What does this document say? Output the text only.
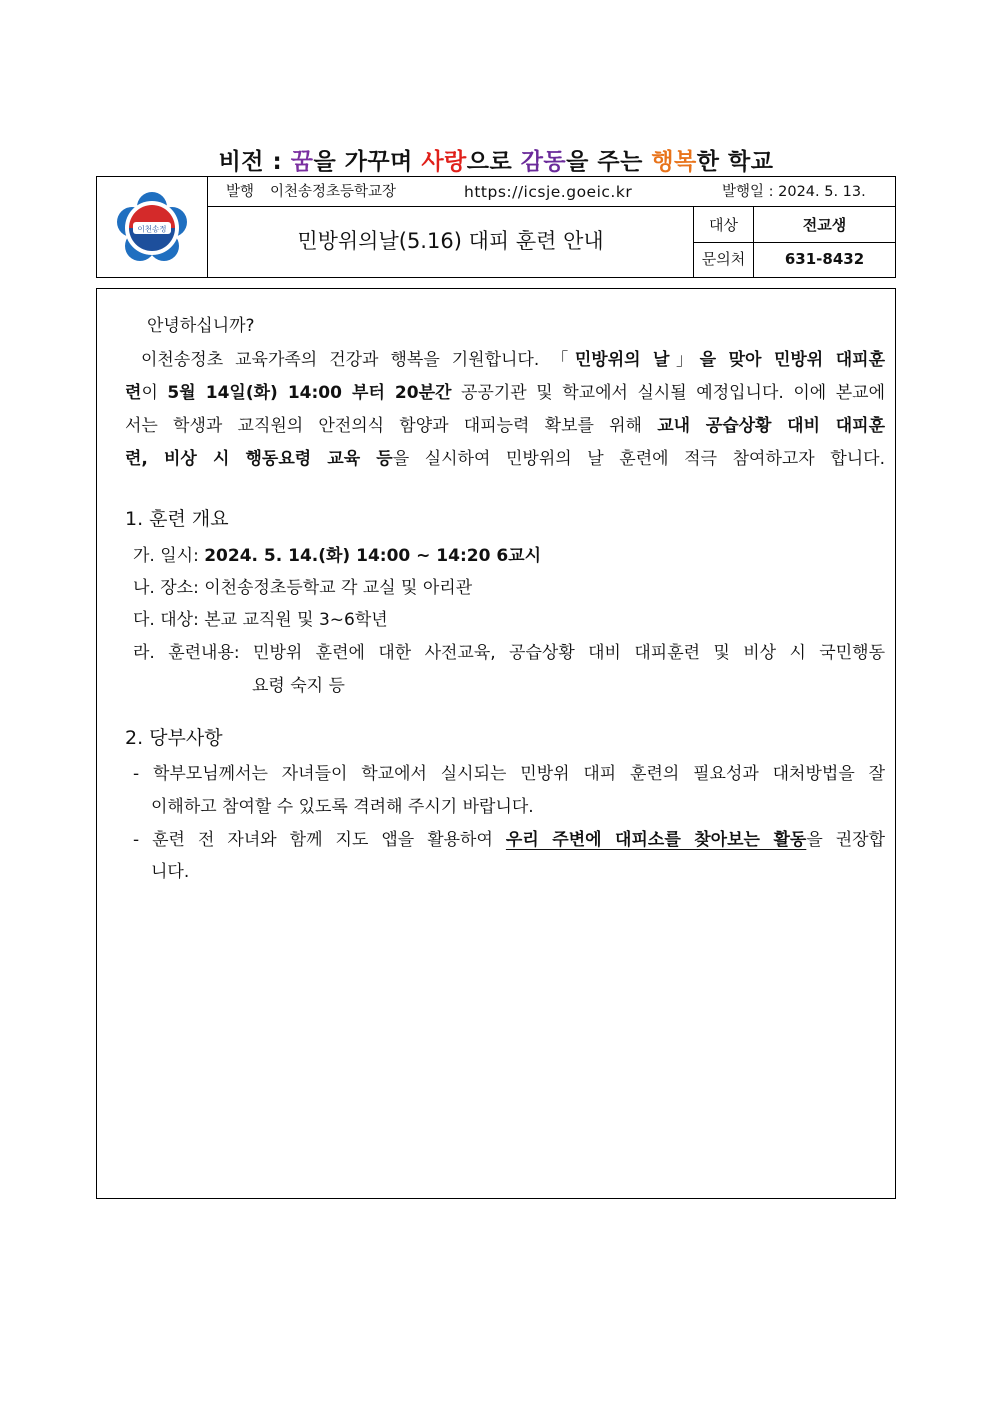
비전 : 꿈을 가꾸며 사랑으로 감동을 주는 행복한 학교
이천송정
발행 이천송정초등학교장	https://icsje.goeic.kr	발행일 : 2024. 5. 13.
민방위의날(5.16) 대피 훈련 안내
대상	전교생
문의처	631-8432
안녕하십니까?
이천송정초 교육가족의 건강과 행복을 기원합니다. 「민방위의 날」을 맞아 민방위 대피훈
련이 5월 14일(화) 14:00 부터 20분간 공공기관 및 학교에서 실시될 예정입니다. 이에 본교에
서는 학생과 교직원의 안전의식 함양과 대피능력 확보를 위해 교내 공습상황 대비 대피훈
련, 비상 시 행동요령 교육 등을 실시하여 민방위의 날 훈련에 적극 참여하고자 합니다.
1. 훈련 개요
가. 일시: 2024. 5. 14.(화) 14:00 ~ 14:20 6교시
나. 장소: 이천송정초등학교 각 교실 및 아리관
다. 대상: 본교 교직원 및 3~6학년
라. 훈련내용: 민방위 훈련에 대한 사전교육, 공습상황 대비 대피훈련 및 비상 시 국민행동
요령 숙지 등
2. 당부사항
- 학부모님께서는 자녀들이 학교에서 실시되는 민방위 대피 훈련의 필요성과 대처방법을 잘
이해하고 참여할 수 있도록 격려해 주시기 바랍니다.
- 훈련 전 자녀와 함께 지도 앱을 활용하여 우리 주변에 대피소를 찾아보는 활동을 권장합
니다.
